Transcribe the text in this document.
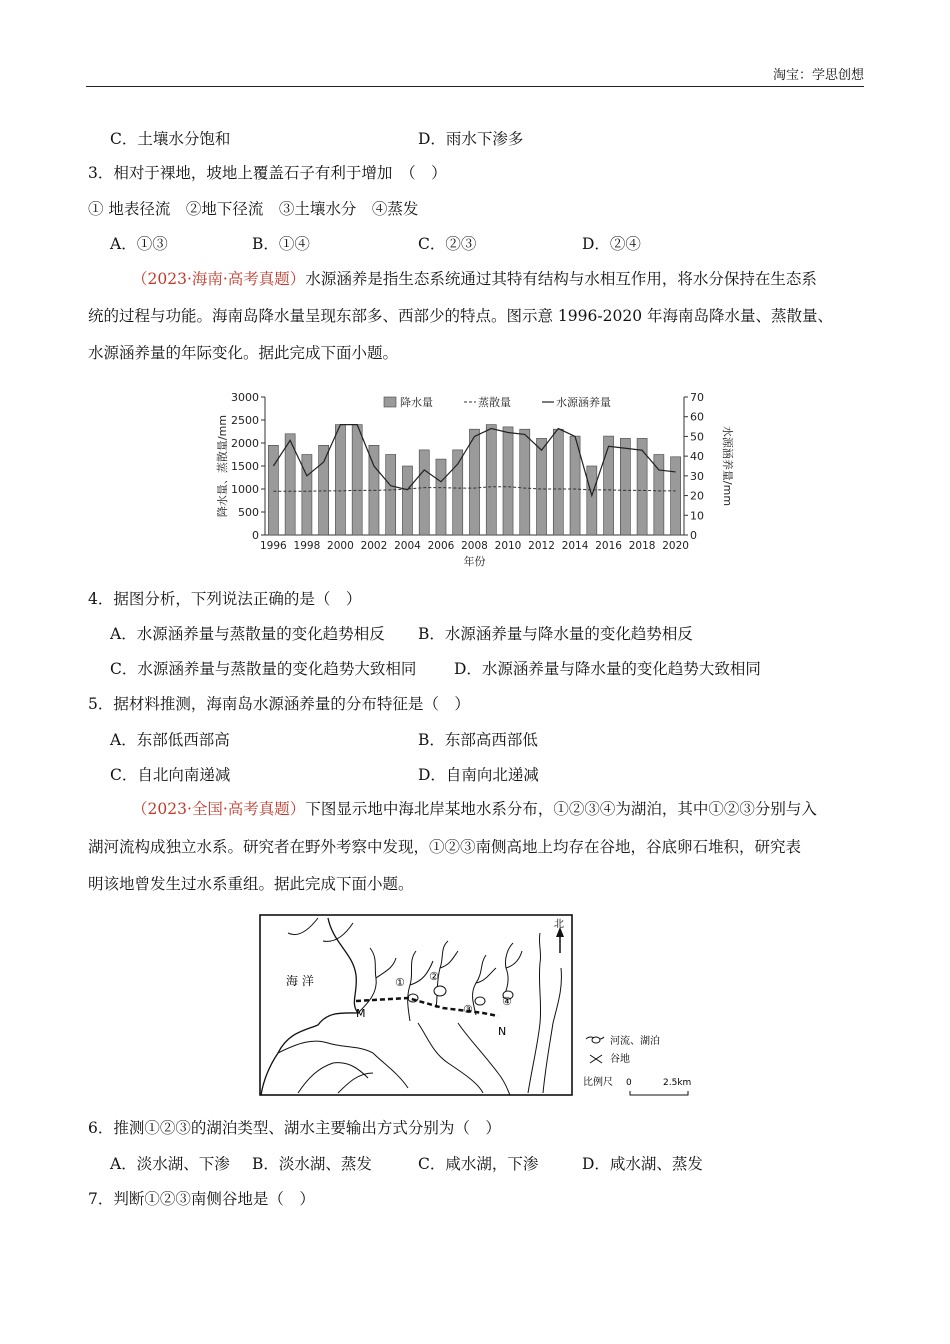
淘宝：学思创想
C．土壤水分饱和	D．雨水下渗多
3．相对于裸地，坡地上覆盖石子有利于增加　（　）
① 地表径流　②地下径流　③土壤水分　④蒸发
A．①③	B．①④	C．②③	D．②④
（2023·海南·高考真题）水源涵养是指生态系统通过其特有结构与水相互作用，将水分保持在生态系
统的过程与功能。海南岛降水量呈现东部多、西部少的特点。图示意 1996-2020 年海南岛降水量、蒸散量、
水源涵养量的年际变化。据此完成下面小题。
0
500
1000
1500
2000
2500
3000
0
10
20
30
40
50
60
70
1996 1998 2000 2002 2004 2006 2008 2010 2012 2014 2016 2018 2020
年份
降水量、蒸散量/mm	水源涵养量/mm
降水量	蒸散量	水源涵养量
4．据图分析，下列说法正确的是（　）
A．水源涵养量与蒸散量的变化趋势相反 B．水源涵养量与降水量的变化趋势相反
C．水源涵养量与蒸散量的变化趋势大致相同 D．水源涵养量与降水量的变化趋势大致相同
5．据材料推测，海南岛水源涵养量的分布特征是（　）
A．东部低西部高	B．东部高西部低
C．自北向南递减	D．自南向北递减
（2023·全国·高考真题）下图显示地中海北岸某地水系分布，①②③④为湖泊，其中①②③分别与入
湖河流构成独立水系。研究者在野外考察中发现，①②③南侧高地上均存在谷地，谷底卵石堆积，研究表
明该地曾发生过水系重组。据此完成下面小题。
海 洋
M
N
① ②
③
④
北
河流、湖泊
谷地
比例尺 0	2.5km
6．推测①②③的湖泊类型、湖水主要输出方式分别为（　）
A．淡水湖、下渗 B．淡水湖、蒸发	C．咸水湖，下渗	D．咸水湖、蒸发
7．判断①②③南侧谷地是（　）
